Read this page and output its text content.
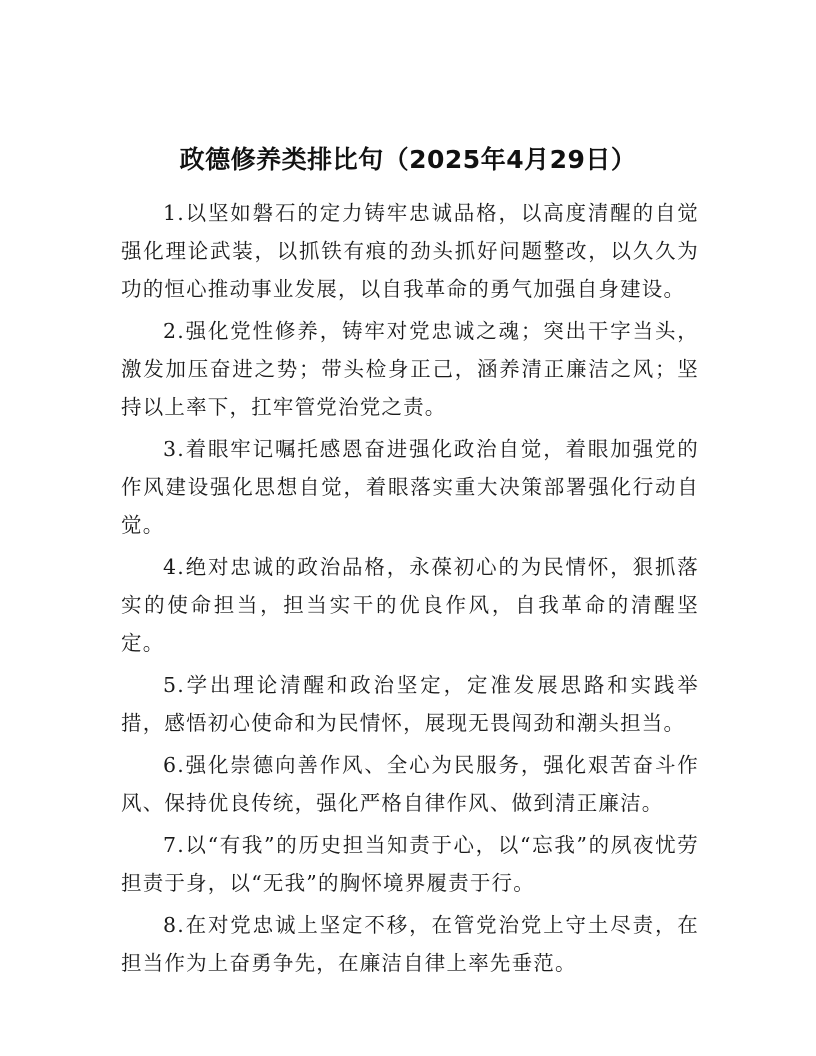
政德修养类排比句（2025年4月29日）

1.以坚如磐石的定力铸牢忠诚品格，以高度清醒的自觉强化理论武装，以抓铁有痕的劲头抓好问题整改，以久久为功的恒心推动事业发展，以自我革命的勇气加强自身建设。

2.强化党性修养，铸牢对党忠诚之魂；突出干字当头，激发加压奋进之势；带头检身正己，涵养清正廉洁之风；坚持以上率下，扛牢管党治党之责。

3.着眼牢记嘱托感恩奋进强化政治自觉，着眼加强党的作风建设强化思想自觉，着眼落实重大决策部署强化行动自觉。

4.绝对忠诚的政治品格，永葆初心的为民情怀，狠抓落实的使命担当，担当实干的优良作风，自我革命的清醒坚定。

5.学出理论清醒和政治坚定，定准发展思路和实践举措，感悟初心使命和为民情怀，展现无畏闯劲和潮头担当。

6.强化崇德向善作风、全心为民服务，强化艰苦奋斗作风、保持优良传统，强化严格自律作风、做到清正廉洁。

7.以“有我”的历史担当知责于心，以“忘我”的夙夜忧劳担责于身，以“无我”的胸怀境界履责于行。

8.在对党忠诚上坚定不移，在管党治党上守土尽责，在担当作为上奋勇争先，在廉洁自律上率先垂范。
